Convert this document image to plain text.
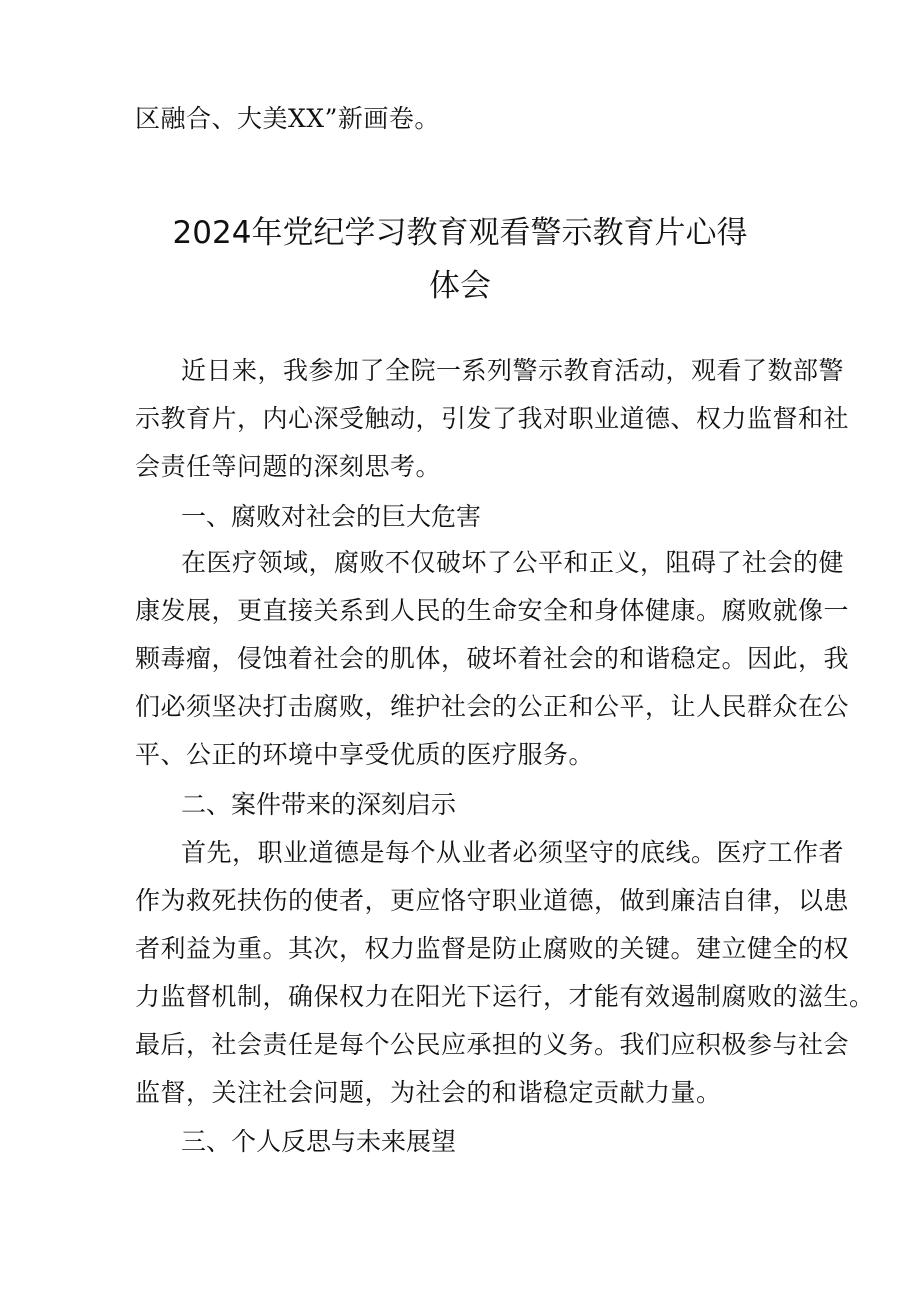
区融合、大美XX”新画卷。
2024年党纪学习教育观看警示教育片心得
体会
近日来，我参加了全院一系列警示教育活动，观看了数部警
示教育片，内心深受触动，引发了我对职业道德、权力监督和社
会责任等问题的深刻思考。
一、腐败对社会的巨大危害
在医疗领域，腐败不仅破坏了公平和正义，阻碍了社会的健
康发展，更直接关系到人民的生命安全和身体健康。腐败就像一
颗毒瘤，侵蚀着社会的肌体，破坏着社会的和谐稳定。因此，我
们必须坚决打击腐败，维护社会的公正和公平，让人民群众在公
平、公正的环境中享受优质的医疗服务。
二、案件带来的深刻启示
首先，职业道德是每个从业者必须坚守的底线。医疗工作者
作为救死扶伤的使者，更应恪守职业道德，做到廉洁自律，以患
者利益为重。其次，权力监督是防止腐败的关键。建立健全的权
力监督机制，确保权力在阳光下运行，才能有效遏制腐败的滋生。
最后，社会责任是每个公民应承担的义务。我们应积极参与社会
监督，关注社会问题，为社会的和谐稳定贡献力量。
三、个人反思与未来展望
